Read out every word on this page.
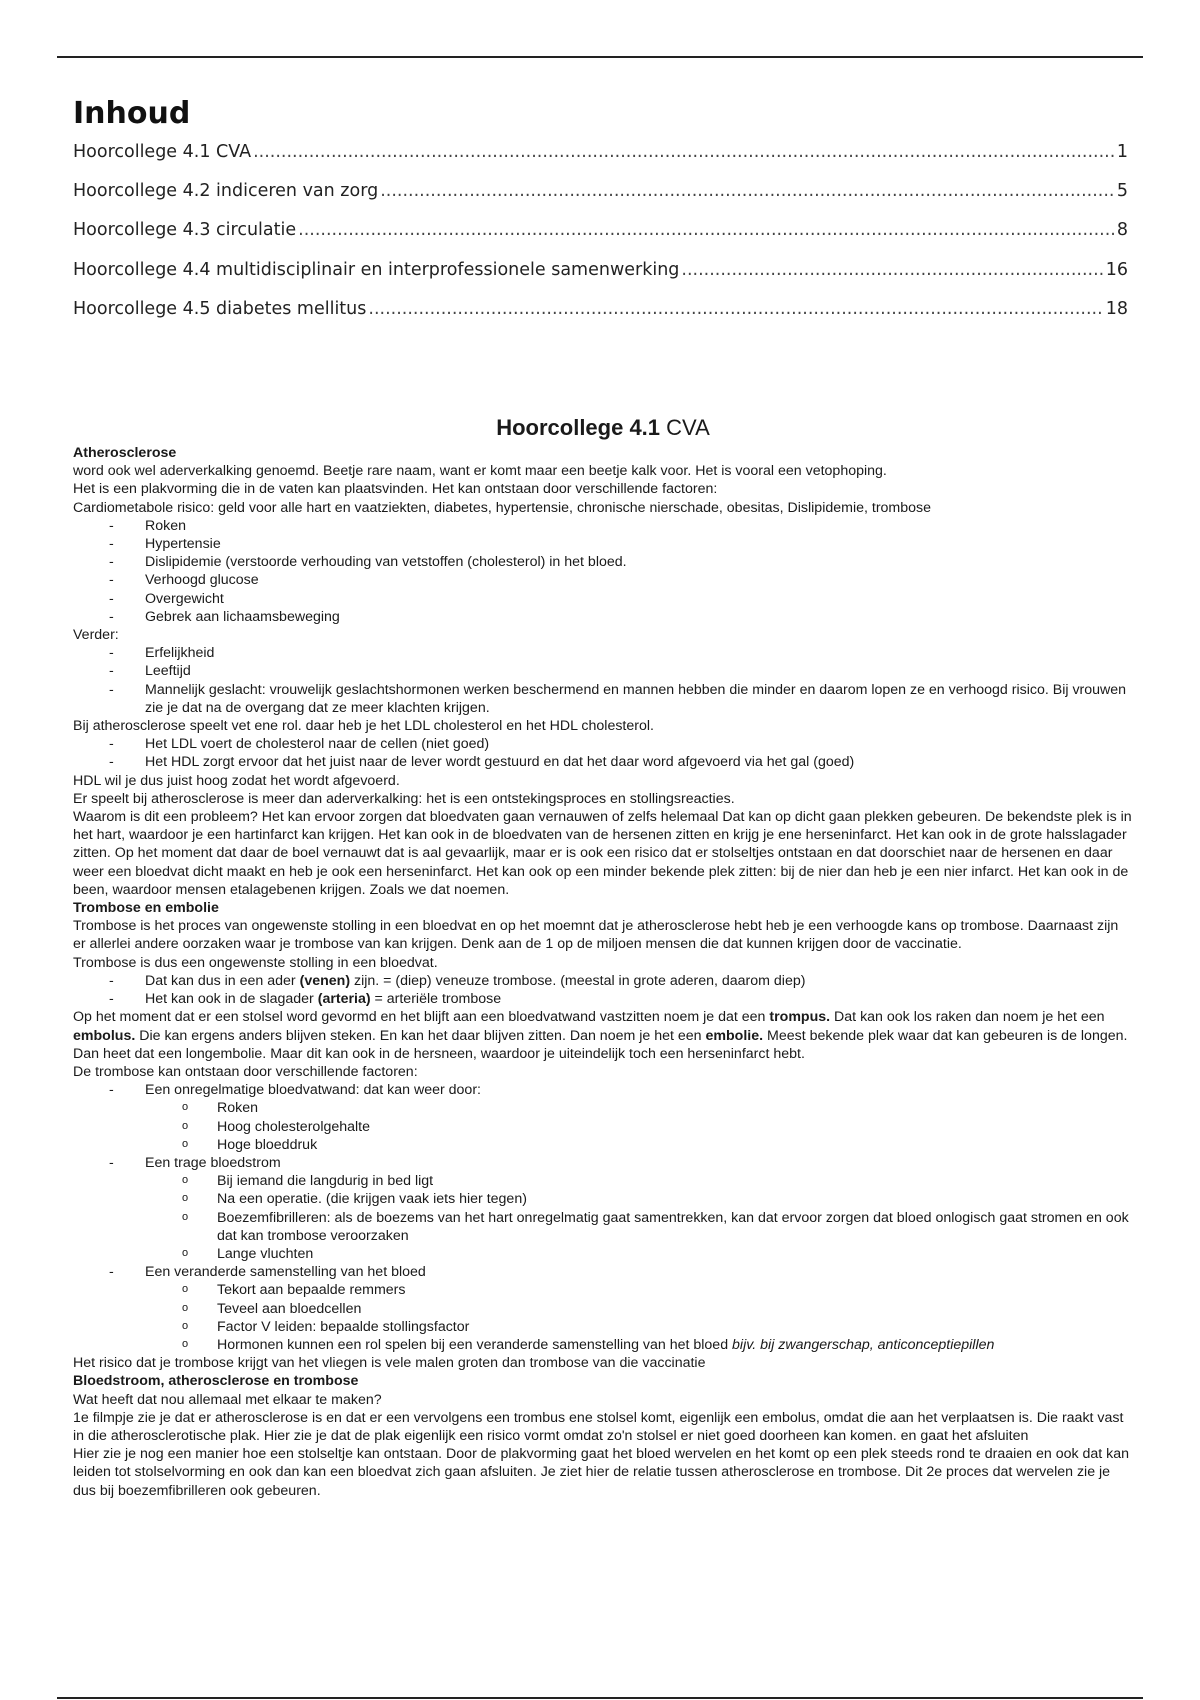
Inhoud
Hoorcollege 4.1 CVA .....	1
Hoorcollege 4.2 indiceren van zorg .....	5
Hoorcollege 4.3 circulatie .....	8
Hoorcollege 4.4 multidisciplinair en interprofessionele samenwerking .....	16
Hoorcollege 4.5 diabetes mellitus .....	18
Hoorcollege 4.1 CVA

Atherosclerose

word ook wel aderverkalking genoemd. Beetje rare naam, want er komt maar een beetje kalk voor. Het is vooral een vetophoping.

Het is een plakvorming die in de vaten kan plaatsvinden. Het kan ontstaan door verschillende factoren:

Cardiometabole risico: geld voor alle hart en vaatziekten, diabetes, hypertensie, chronische nierschade, obesitas, Dislipidemie, trombose

- Roken
- Hypertensie
- Dislipidemie (verstoorde verhouding van vetstoffen (cholesterol) in het bloed.
- Verhoogd glucose
- Overgewicht
- Gebrek aan lichaamsbeweging

Verder:

- Erfelijkheid
- Leeftijd
- Mannelijk geslacht: vrouwelijk geslachtshormonen werken beschermend en mannen hebben die minder en daarom lopen ze en verhoogd risico. Bij vrouwen zie je dat na de overgang dat ze meer klachten krijgen.

Bij atherosclerose speelt vet ene rol. daar heb je het LDL cholesterol en het HDL cholesterol.

- Het LDL voert de cholesterol naar de cellen (niet goed)
- Het HDL zorgt ervoor dat het juist naar de lever wordt gestuurd en dat het daar word afgevoerd via het gal (goed)

HDL wil je dus juist hoog zodat het wordt afgevoerd.

Er speelt bij atherosclerose is meer dan aderverkalking: het is een ontstekingsproces en stollingsreacties.

Waarom is dit een probleem? Het kan ervoor zorgen dat bloedvaten gaan vernauwen of zelfs helemaal Dat kan op dicht gaan plekken gebeuren. De bekendste plek is in het hart, waardoor je een hartinfarct kan krijgen. Het kan ook in de bloedvaten van de hersenen zitten en krijg je ene herseninfarct. Het kan ook in de grote halsslagader zitten. Op het moment dat daar de boel vernauwt dat is aal gevaarlijk, maar er is ook een risico dat er stolseltjes ontstaan en dat doorschiet naar de hersenen en daar weer een bloedvat dicht maakt en heb je ook een herseninfarct. Het kan ook op een minder bekende plek zitten: bij de nier dan heb je een nier infarct. Het kan ook in de been, waardoor mensen etalagebenen krijgen. Zoals we dat noemen.

Trombose en embolie

Trombose is het proces van ongewenste stolling in een bloedvat en op het moemnt dat je atherosclerose hebt heb je een verhoogde kans op trombose. Daarnaast zijn er allerlei andere oorzaken waar je trombose van kan krijgen. Denk aan de 1 op de miljoen mensen die dat kunnen krijgen door de vaccinatie.

Trombose is dus een ongewenste stolling in een bloedvat.

- Dat kan dus in een ader (venen) zijn. = (diep) veneuze trombose. (meestal in grote aderen, daarom diep)
- Het kan ook in de slagader (arteria) = arteriële trombose

Op het moment dat er een stolsel word gevormd en het blijft aan een bloedvatwand vastzitten noem je dat een trompus. Dat kan ook los raken dan noem je het een embolus. Die kan ergens anders blijven steken. En kan het daar blijven zitten. Dan noem je het een embolie. Meest bekende plek waar dat kan gebeuren is de longen. Dan heet dat een longembolie. Maar dit kan ook in de hersneen, waardoor je uiteindelijk toch een herseninfarct hebt.

De trombose kan ontstaan door verschillende factoren:

- Een onregelmatige bloedvatwand: dat kan weer door:
o Roken
o Hoog cholesterolgehalte
o Hoge bloeddruk
- Een trage bloedstrom
o Bij iemand die langdurig in bed ligt
o Na een operatie. (die krijgen vaak iets hier tegen)
o Boezemfibrilleren: als de boezems van het hart onregelmatig gaat samentrekken, kan dat ervoor zorgen dat bloed onlogisch gaat stromen en ook dat kan trombose veroorzaken
o Lange vluchten
- Een veranderde samenstelling van het bloed
o Tekort aan bepaalde remmers
o Teveel aan bloedcellen
o Factor V leiden: bepaalde stollingsfactor
o Hormonen kunnen een rol spelen bij een veranderde samenstelling van het bloed bijv. bij zwangerschap, anticonceptiepillen

Het risico dat je trombose krijgt van het vliegen is vele malen groten dan trombose van die vaccinatie

Bloedstroom, atherosclerose en trombose

Wat heeft dat nou allemaal met elkaar te maken?

1e filmpje zie je dat er atherosclerose is en dat er een vervolgens een trombus ene stolsel komt, eigenlijk een embolus, omdat die aan het verplaatsen is. Die raakt vast in die atherosclerotische plak. Hier zie je dat de plak eigenlijk een risico vormt omdat zo'n stolsel er niet goed doorheen kan komen. en gaat het afsluiten

Hier zie je nog een manier hoe een stolseltje kan ontstaan. Door de plakvorming gaat het bloed wervelen en het komt op een plek steeds rond te draaien en ook dat kan leiden tot stolselvorming en ook dan kan een bloedvat zich gaan afsluiten. Je ziet hier de relatie tussen atherosclerose en trombose. Dit 2e proces dat wervelen zie je dus bij boezemfibrilleren ook gebeuren.
